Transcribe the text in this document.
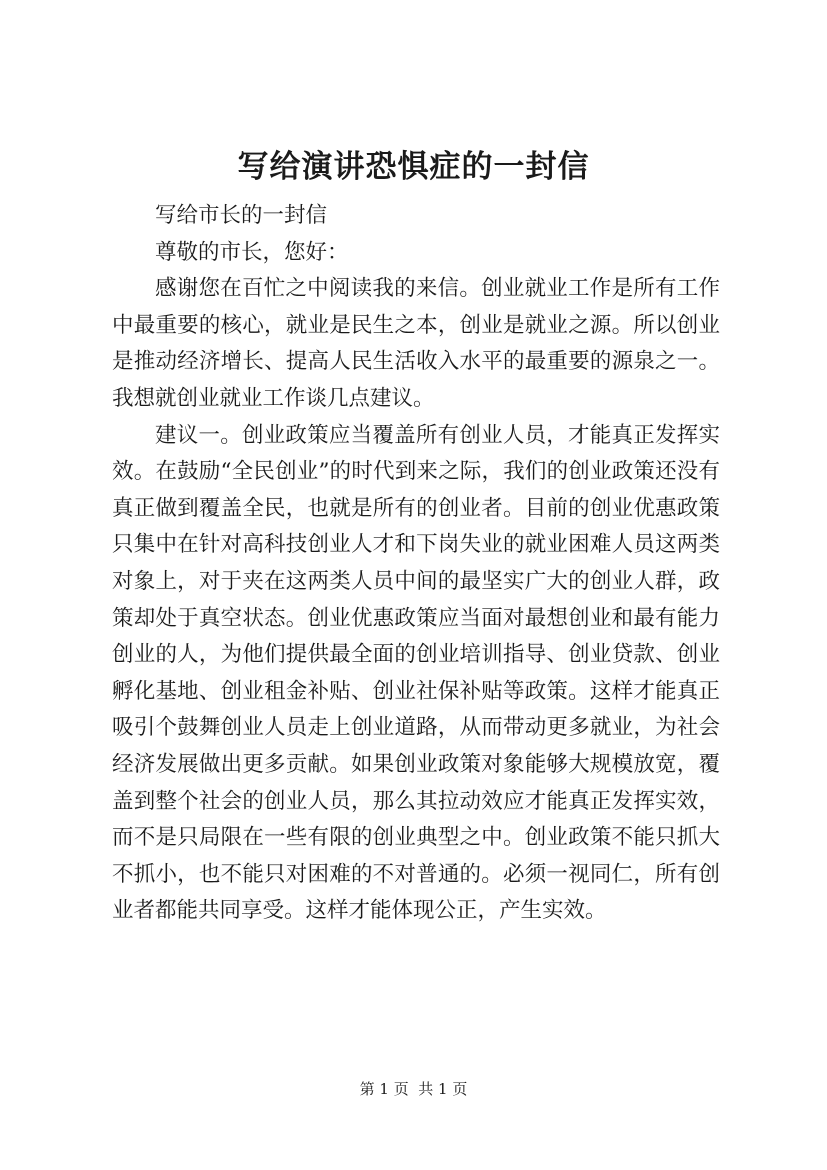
写给演讲恐惧症的一封信

写给市长的一封信

尊敬的市长，您好：

感谢您在百忙之中阅读我的来信。创业就业工作是所有工作中最重要的核心，就业是民生之本，创业是就业之源。所以创业是推动经济增长、提高人民生活收入水平的最重要的源泉之一。我想就创业就业工作谈几点建议。

建议一。创业政策应当覆盖所有创业人员，才能真正发挥实效。在鼓励“全民创业”的时代到来之际，我们的创业政策还没有真正做到覆盖全民，也就是所有的创业者。目前的创业优惠政策只集中在针对高科技创业人才和下岗失业的就业困难人员这两类对象上，对于夹在这两类人员中间的最坚实广大的创业人群，政策却处于真空状态。创业优惠政策应当面对最想创业和最有能力创业的人，为他们提供最全面的创业培训指导、创业贷款、创业孵化基地、创业租金补贴、创业社保补贴等政策。这样才能真正吸引个鼓舞创业人员走上创业道路，从而带动更多就业，为社会经济发展做出更多贡献。如果创业政策对象能够大规模放宽，覆盖到整个社会的创业人员，那么其拉动效应才能真正发挥实效，而不是只局限在一些有限的创业典型之中。创业政策不能只抓大不抓小，也不能只对困难的不对普通的。必须一视同仁，所有创业者都能共同享受。这样才能体现公正，产生实效。

第 1 页  共 1 页
